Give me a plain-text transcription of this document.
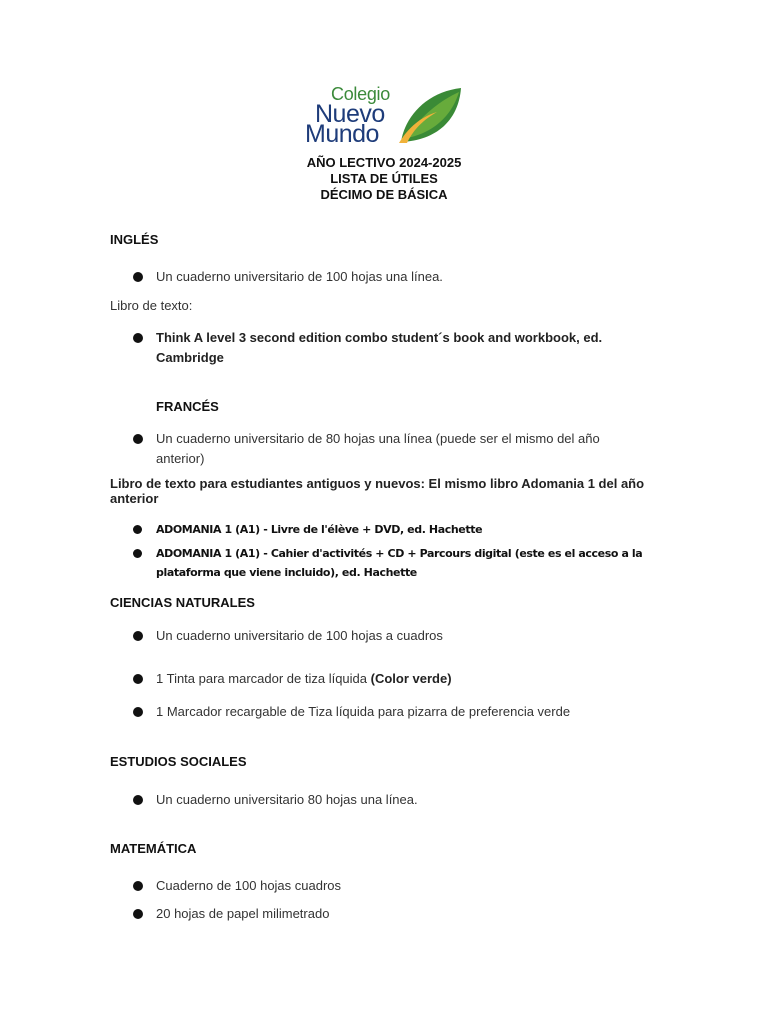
Colegio
Nuevo
Mundo
AÑO LECTIVO 2024-2025
LISTA DE ÚTILES
DÉCIMO DE BÁSICA
INGLÉS
Un cuaderno universitario de 100 hojas una línea.
Libro de texto:
Think A level 3 second edition combo student´s book and workbook, ed. Cambridge
FRANCÉS
Un cuaderno universitario de 80 hojas una línea (puede ser el mismo del año anterior)
Libro de texto para estudiantes antiguos y nuevos: El mismo libro Adomania 1 del año anterior
ADOMANIA 1 (A1) - Livre de l'élève + DVD, ed. Hachette
ADOMANIA 1 (A1) - Cahier d'activités + CD + Parcours digital (este es el acceso a la plataforma que viene incluido), ed. Hachette
CIENCIAS NATURALES
Un cuaderno universitario de 100 hojas a cuadros
1 Tinta para marcador de tiza líquida (Color verde)
1 Marcador recargable de Tiza líquida para pizarra de preferencia verde
ESTUDIOS SOCIALES
Un cuaderno universitario 80 hojas una línea.
MATEMÁTICA
Cuaderno de 100 hojas cuadros
20 hojas de papel milimetrado
